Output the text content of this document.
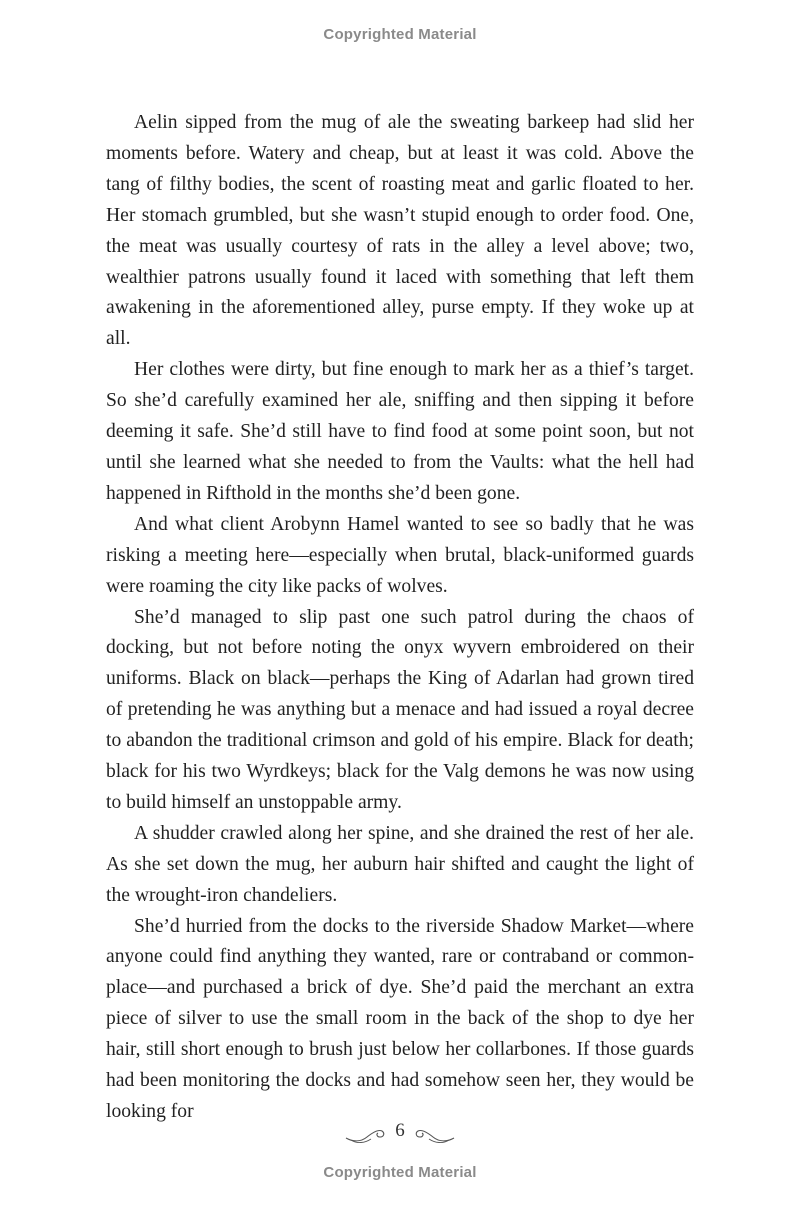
Copyrighted Material

Aelin sipped from the mug of ale the sweating barkeep had slid her moments before. Watery and cheap, but at least it was cold. Above the tang of filthy bodies, the scent of roasting meat and garlic floated to her. Her stomach grumbled, but she wasn’t stupid enough to order food. One, the meat was usually courtesy of rats in the alley a level above; two, wealthier patrons usually found it laced with something that left them awakening in the aforementioned alley, purse empty. If they woke up at all.

Her clothes were dirty, but fine enough to mark her as a thief’s target. So she’d carefully examined her ale, sniffing and then sipping it before deeming it safe. She’d still have to find food at some point soon, but not until she learned what she needed to from the Vaults: what the hell had happened in Rifthold in the months she’d been gone.

And what client Arobynn Hamel wanted to see so badly that he was risking a meeting here—especially when brutal, black-uniformed guards were roaming the city like packs of wolves.

She’d managed to slip past one such patrol during the chaos of docking, but not before noting the onyx wyvern embroidered on their uniforms. Black on black—perhaps the King of Adarlan had grown tired of pretending he was anything but a menace and had issued a royal decree to abandon the traditional crimson and gold of his empire. Black for death; black for his two Wyrdkeys; black for the Valg demons he was now using to build himself an unstoppable army.

A shudder crawled along her spine, and she drained the rest of her ale. As she set down the mug, her auburn hair shifted and caught the light of the wrought-iron chandeliers.

She’d hurried from the docks to the riverside Shadow Market—where anyone could find anything they wanted, rare or contraband or common-place—and purchased a brick of dye. She’d paid the merchant an extra piece of silver to use the small room in the back of the shop to dye her hair, still short enough to brush just below her collarbones. If those guards had been monitoring the docks and had somehow seen her, they would be looking for

6
Copyrighted Material
